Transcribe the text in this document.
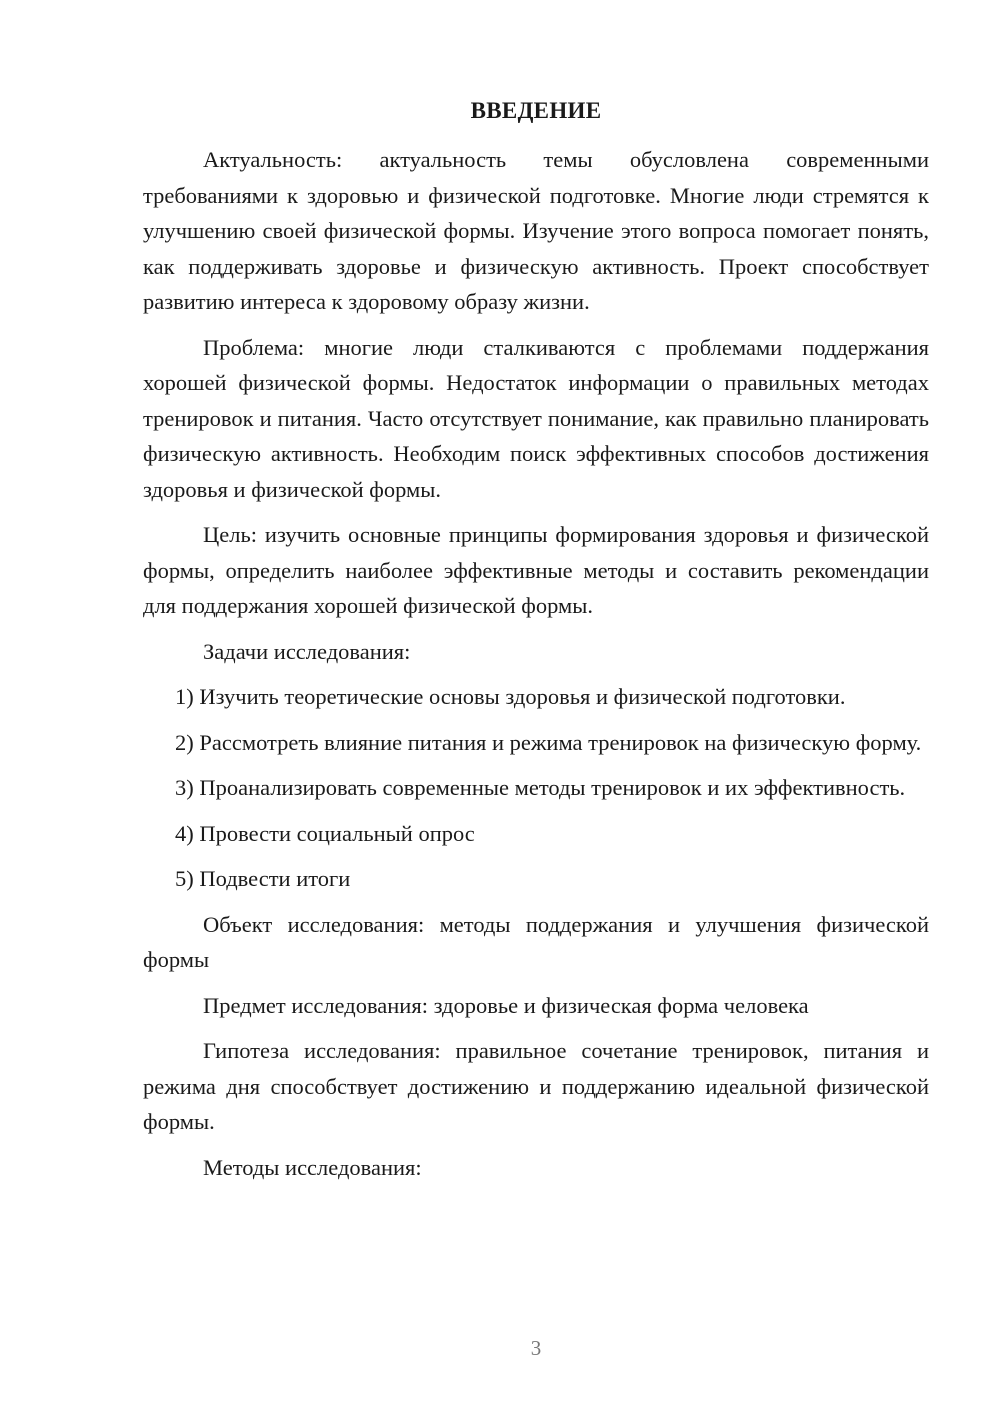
ВВЕДЕНИЕ

Актуальность: актуальность темы обусловлена современными требованиями к здоровью и физической подготовке. Многие люди стремятся к улучшению своей физической формы. Изучение этого вопроса помогает понять, как поддерживать здоровье и физическую активность. Проект способствует развитию интереса к здоровому образу жизни.

Проблема: многие люди сталкиваются с проблемами поддержания хорошей физической формы. Недостаток информации о правильных методах тренировок и питания. Часто отсутствует понимание, как правильно планировать физическую активность. Необходим поиск эффективных способов достижения здоровья и физической формы.

Цель: изучить основные принципы формирования здоровья и физической формы, определить наиболее эффективные методы и составить рекомендации для поддержания хорошей физической формы.

Задачи исследования:

1) Изучить теоретические основы здоровья и физической подготовки.

2) Рассмотреть влияние питания и режима тренировок на физическую форму.

3) Проанализировать современные методы тренировок и их эффективность.

4) Провести социальный опрос

5) Подвести итоги

Объект исследования: методы поддержания и улучшения физической формы

Предмет исследования: здоровье и физическая форма человека

Гипотеза исследования: правильное сочетание тренировок, питания и режима дня способствует достижению и поддержанию идеальной физической формы.

Методы исследования:

3
